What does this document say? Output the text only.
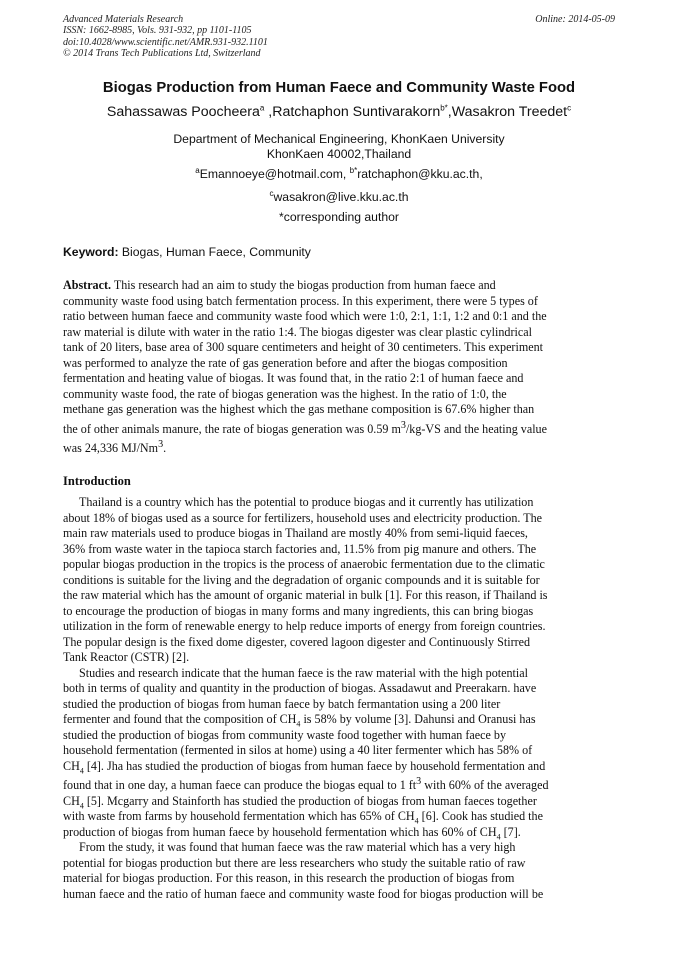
Advanced Materials Research
ISSN: 1662-8985, Vols. 931-932, pp 1101-1105
doi:10.4028/www.scientific.net/AMR.931-932.1101
© 2014 Trans Tech Publications Ltd, Switzerland
Online: 2014-05-09
Biogas Production from Human Faece and Community Waste Food
Sahassawas Poocheera$^a$ ,Ratchaphon Suntivarakorn$^{b*}$,Wasakron Treedet$^c$
Department of Mechanical Engineering, KhonKaen University
KhonKaen 40002,Thailand
$^a$Emannoeye@hotmail.com, $^{b*}$ratchaphon@kku.ac.th,
$^c$wasakron@live.kku.ac.th
*corresponding author
Keyword: Biogas, Human Faece, Community
Abstract. This research had an aim to study the biogas production from human faece and
community waste food using batch fermentation process. In this experiment, there were 5 types of
ratio between human faece and community waste food which were 1:0, 2:1, 1:1, 1:2 and 0:1 and the
raw material is dilute with water in the ratio 1:4. The biogas digester was clear plastic cylindrical
tank of 20 liters, base area of 300 square centimeters and height of 30 centimeters. This experiment
was performed to analyze the rate of gas generation before and after the biogas composition
fermentation and heating value of biogas. It was found that, in the ratio 2:1 of human faece and
community waste food, the rate of biogas generation was the highest. In the ratio of 1:0, the
methane gas generation was the highest which the gas methane composition is 67.6% higher than
the of other animals manure, the rate of biogas generation was 0.59 $m^3/kg-VS$ and the heating value
was 24,336 MJ/Nm$^3$.
Introduction

Thailand is a country which has the potential to produce biogas and it currently has utilization
about 18% of biogas used as a source for fertilizers, household uses and electricity production. The
main raw materials used to produce biogas in Thailand are mostly 40% from semi-liquid faeces,
36% from waste water in the tapioca starch factories and, 11.5% from pig manure and others. The
popular biogas production in the tropics is the process of anaerobic fermentation due to the climatic
conditions is suitable for the living and the degradation of organic compounds and it is suitable for
the raw material which has the amount of organic material in bulk [1]. For this reason, if Thailand is
to encourage the production of biogas in many forms and many ingredients, this can bring biogas
utilization in the form of renewable energy to help reduce imports of energy from foreign countries.
The popular design is the fixed dome digester, covered lagoon digester and Continuously Stirred
Tank Reactor (CSTR) [2].

Studies and research indicate that the human faece is the raw material with the high potential
both in terms of quality and quantity in the production of biogas. Assadawut and Preerakarn. have
studied the production of biogas from human faece by batch fermantation using a 200 liter
fermenter and found that the composition of $CH_4$ is 58% by volume [3]. Dahunsi and Oranusi has
studied the production of biogas from community waste food together with human faece by
household fermentation (fermented in silos at home) using a 40 liter fermenter which has 58% of
$CH_4$ [4]. Jha has studied the production of biogas from human faece by household fermentation and
found that in one day, a human faece can produce the biogas equal to 1 $ft^3$ with 60% of the averaged
$CH_4$ [5]. Mcgarry and Stainforth has studied the production of biogas from human faeces together
with waste from farms by household fermentation which has 65% of $CH_4$ [6]. Cook has studied the
production of biogas from human faece by household fermentation which has 60% of $CH_4$ [7].

From the study, it was found that human faece was the raw material which has a very high
potential for biogas production but there are less researchers who study the suitable ratio of raw
material for biogas production. For this reason, in this research the production of biogas from
human faece and the ratio of human faece and community waste food for biogas production will be
